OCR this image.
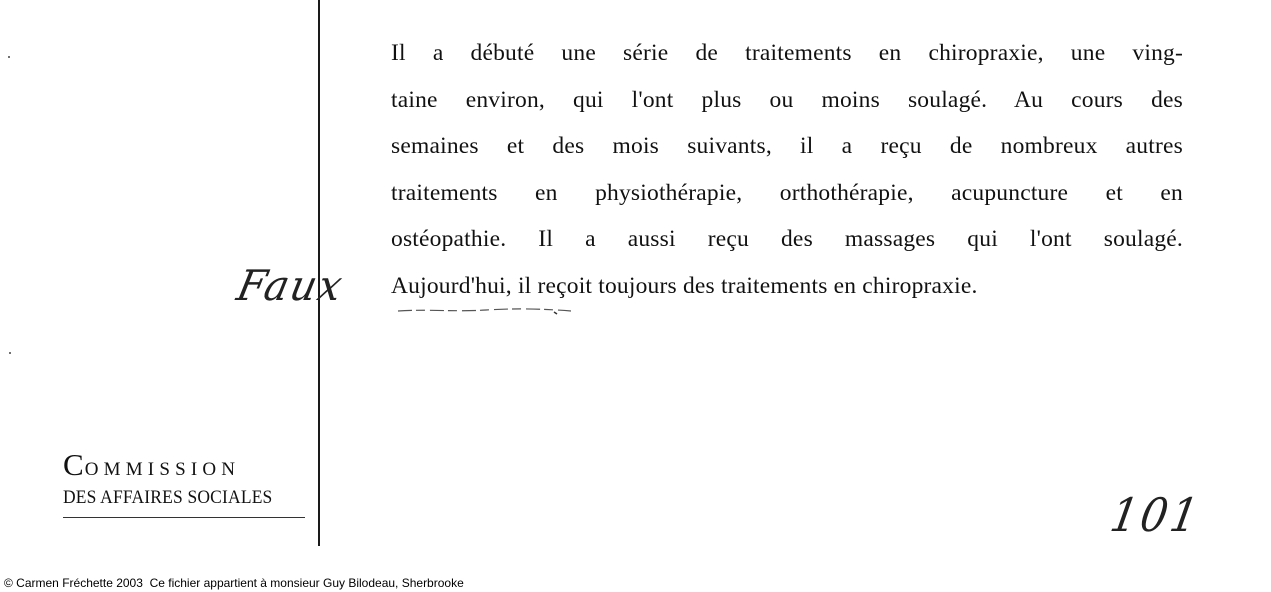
Il a débuté une série de traitements en chiropraxie, une ving-
taine environ, qui l'ont plus ou moins soulagé. Au cours des
semaines et des mois suivants, il a reçu de nombreux autres
traitements en physiothérapie, orthothérapie, acupuncture et en
ostéopathie. Il a aussi reçu des massages qui l'ont soulagé.
Aujourd'hui, il reçoit toujours des traitements en chiropraxie.
Faux
COMMISSION
DES AFFAIRES SOCIALES	101
© Carmen Fréchette 2003  Ce fichier appartient à monsieur Guy Bilodeau, Sherbrooke
